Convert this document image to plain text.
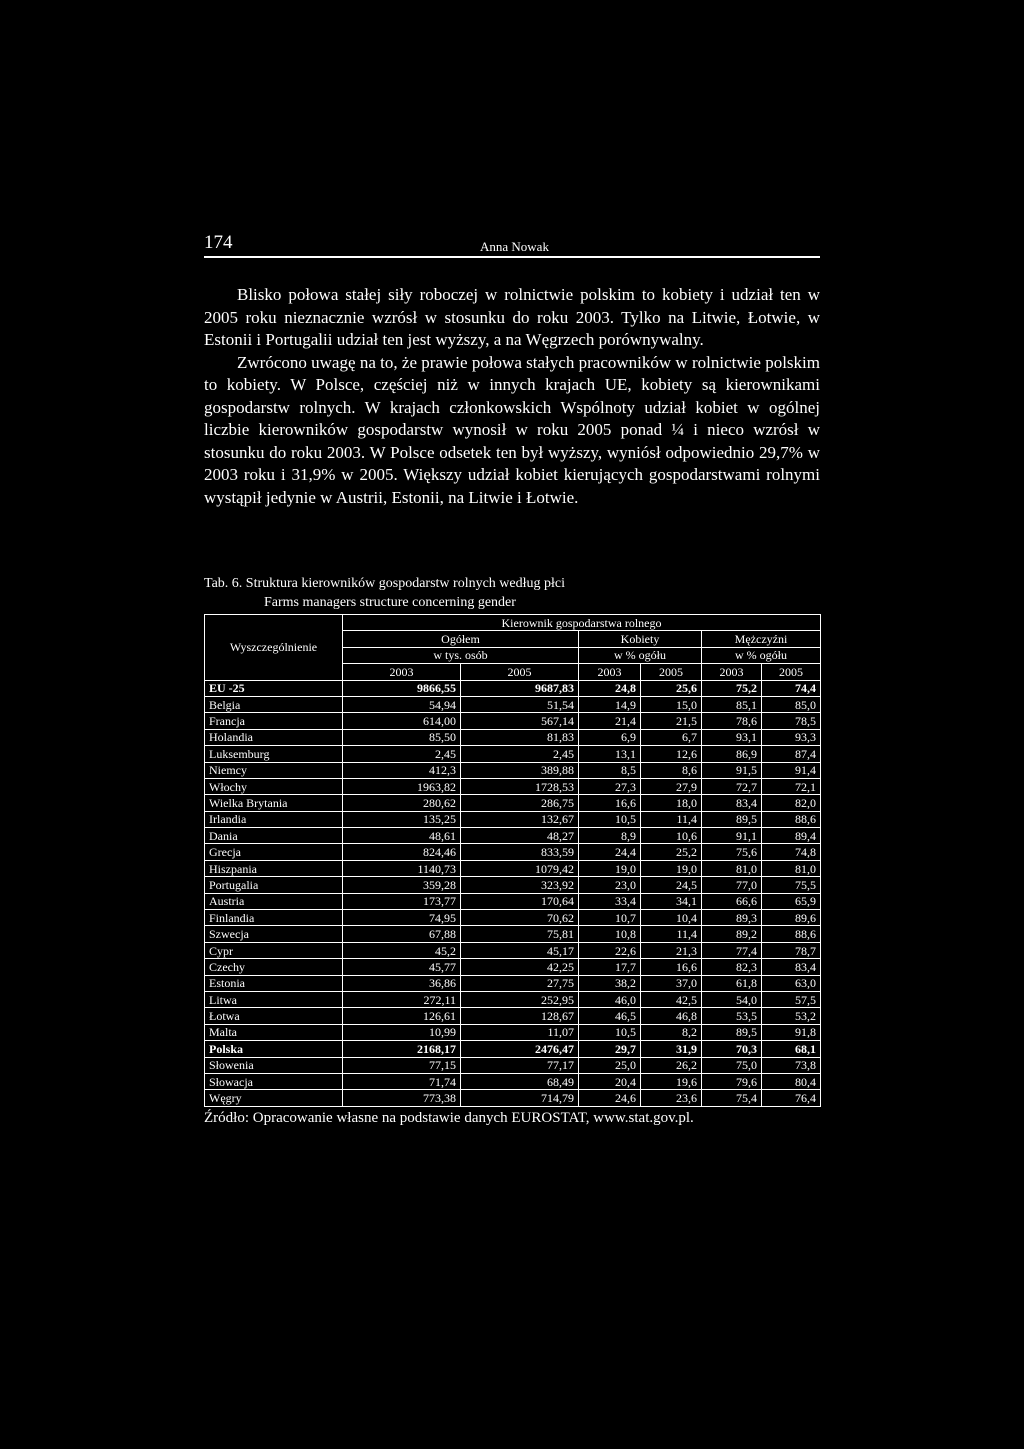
174	Anna Nowak

Blisko połowa stałej siły roboczej w rolnictwie polskim to kobiety i udział ten w 2005 roku nieznacznie wzrósł w stosunku do roku 2003. Tylko na Litwie, Łotwie, w Estonii i Portugalii udział ten jest wyższy, a na Węgrzech porównywalny.

Zwrócono uwagę na to, że prawie połowa stałych pracowników w rolnictwie polskim to kobiety. W Polsce, częściej niż w innych krajach UE, kobiety są kierownikami gospodarstw rolnych. W krajach członkowskich Wspólnoty udział kobiet w ogólnej liczbie kierowników gospodarstw wynosił w roku 2005 ponad ¼ i nieco wzrósł w stosunku do roku 2003. W Polsce odsetek ten był wyższy, wyniósł odpowiednio 29,7% w 2003 roku i 31,9% w 2005. Większy udział kobiet kierujących gospodarstwami rolnymi wystąpił jedynie w Austrii, Estonii, na Litwie i Łotwie.

Tab. 6. Struktura kierowników gospodarstw rolnych według płci
Farms managers structure concerning gender
Wyszczególnienie	Kierownik gospodarstwa rolnego					
	Ogółem		Kobiety		Mężczyźni	
	w tys. osób		w % ogółu		w % ogółu	
	2003	2005	2003	2005	2003	2005
EU -25	9866,55	9687,83	24,8	25,6	75,2	74,4
Belgia	54,94	51,54	14,9	15,0	85,1	85,0
Francja	614,00	567,14	21,4	21,5	78,6	78,5
Holandia	85,50	81,83	6,9	6,7	93,1	93,3
Luksemburg	2,45	2,45	13,1	12,6	86,9	87,4
Niemcy	412,3	389,88	8,5	8,6	91,5	91,4
Włochy	1963,82	1728,53	27,3	27,9	72,7	72,1
Wielka Brytania	280,62	286,75	16,6	18,0	83,4	82,0
Irlandia	135,25	132,67	10,5	11,4	89,5	88,6
Dania	48,61	48,27	8,9	10,6	91,1	89,4
Grecja	824,46	833,59	24,4	25,2	75,6	74,8
Hiszpania	1140,73	1079,42	19,0	19,0	81,0	81,0
Portugalia	359,28	323,92	23,0	24,5	77,0	75,5
Austria	173,77	170,64	33,4	34,1	66,6	65,9
Finlandia	74,95	70,62	10,7	10,4	89,3	89,6
Szwecja	67,88	75,81	10,8	11,4	89,2	88,6
Cypr	45,2	45,17	22,6	21,3	77,4	78,7
Czechy	45,77	42,25	17,7	16,6	82,3	83,4
Estonia	36,86	27,75	38,2	37,0	61,8	63,0
Litwa	272,11	252,95	46,0	42,5	54,0	57,5
Łotwa	126,61	128,67	46,5	46,8	53,5	53,2
Malta	10,99	11,07	10,5	8,2	89,5	91,8
Polska	2168,17	2476,47	29,7	31,9	70,3	68,1
Słowenia	77,15	77,17	25,0	26,2	75,0	73,8
Słowacja	71,74	68,49	20,4	19,6	79,6	80,4
Węgry	773,38	714,79	24,6	23,6	75,4	76,4
Źródło: Opracowanie własne na podstawie danych EUROSTAT, www.stat.gov.pl.
